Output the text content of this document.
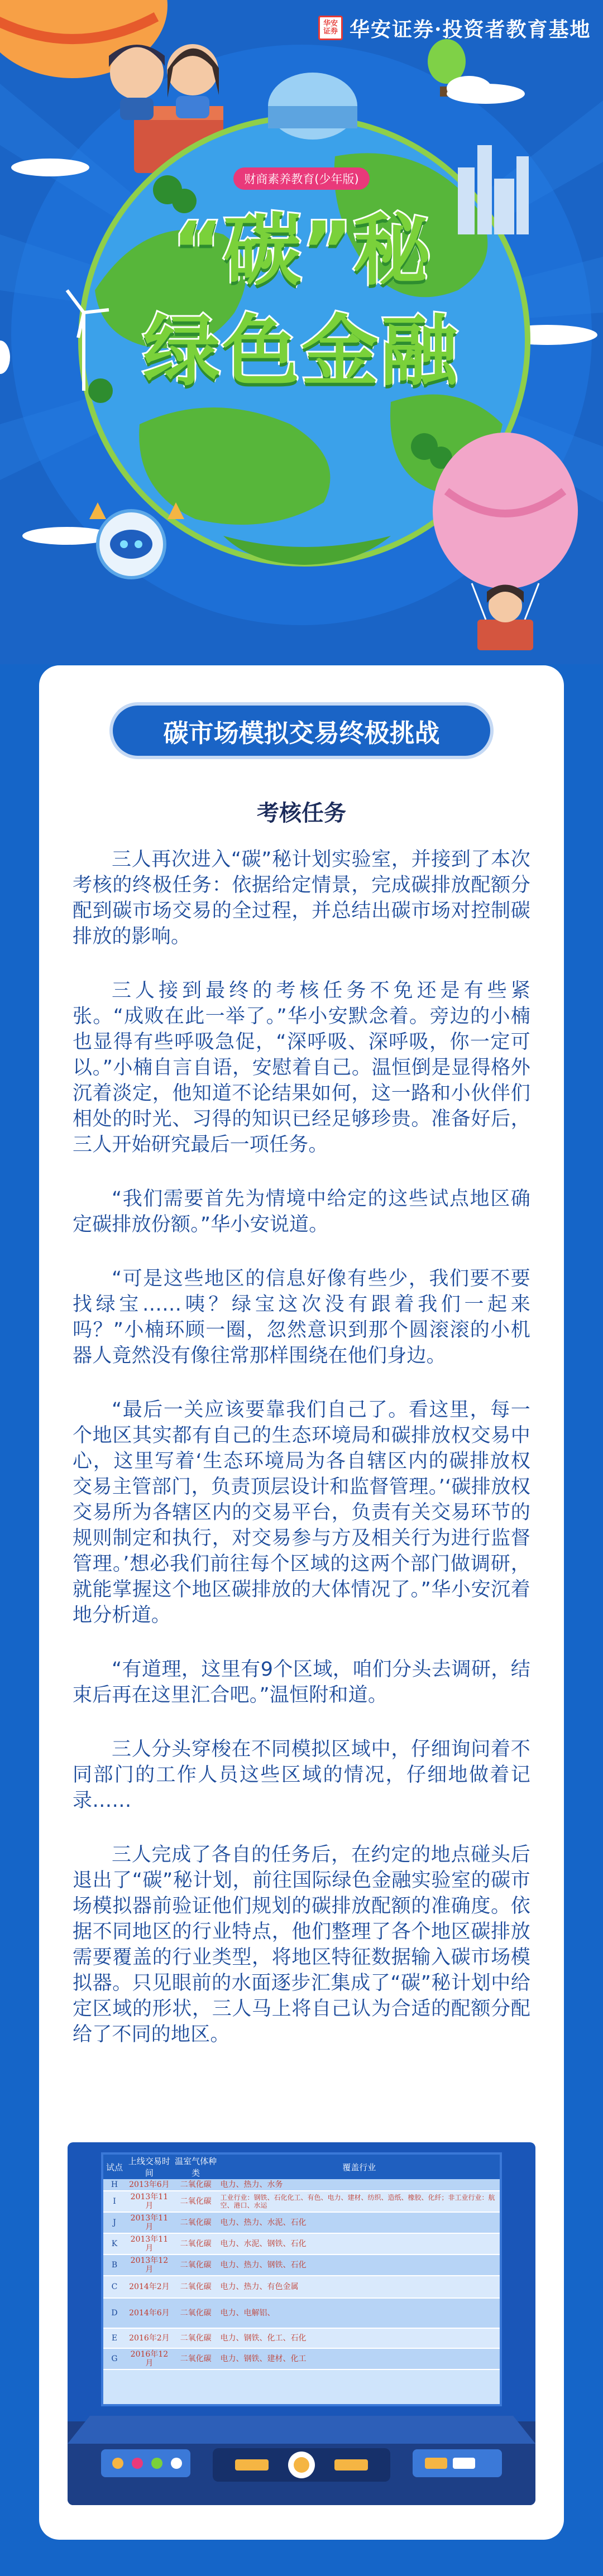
华安
证券 华安证券·投资者教育基地
财商素养教育(少年版)
“碳”秘
绿色金融
碳市场模拟交易终极挑战
考核任务

三人再次进入“碳”秘计划实验室，并接到了本次考核的终极任务：依据给定情景，完成碳排放配额分配到碳市场交易的全过程，并总结出碳市场对控制碳排放的影响。

三人接到最终的考核任务不免还是有些紧张。“成败在此一举了。”华小安默念着。旁边的小楠也显得有些呼吸急促，“深呼吸、深呼吸，你一定可以。”小楠自言自语，安慰着自己。温恒倒是显得格外沉着淡定，他知道不论结果如何，这一路和小伙伴们相处的时光、习得的知识已经足够珍贵。准备好后，三人开始研究最后一项任务。

“我们需要首先为情境中给定的这些试点地区确定碳排放份额。”华小安说道。

“可是这些地区的信息好像有些少，我们要不要找绿宝……咦？绿宝这次没有跟着我们一起来吗？”小楠环顾一圈，忽然意识到那个圆滚滚的小机器人竟然没有像往常那样围绕在他们身边。

“最后一关应该要靠我们自己了。看这里，每一个地区其实都有自己的生态环境局和碳排放权交易中心，这里写着‘生态环境局为各自辖区内的碳排放权交易主管部门，负责顶层设计和监督管理。’‘碳排放权交易所为各辖区内的交易平台，负责有关交易环节的规则制定和执行，对交易参与方及相关行为进行监督管理。’想必我们前往每个区域的这两个部门做调研，就能掌握这个地区碳排放的大体情况了。”华小安沉着地分析道。

“有道理，这里有9个区域，咱们分头去调研，结束后再在这里汇合吧。”温恒附和道。

三人分头穿梭在不同模拟区域中，仔细询问着不同部门的工作人员这些区域的情况，仔细地做着记录……

三人完成了各自的任务后，在约定的地点碰头后退出了“碳”秘计划，前往国际绿色金融实验室的碳市场模拟器前验证他们规划的碳排放配额的准确度。依据不同地区的行业特点，他们整理了各个地区碳排放需要覆盖的行业类型，将地区特征数据输入碳市场模拟器。只见眼前的水面逐步汇集成了“碳”秘计划中给定区域的形状，三人马上将自己认为合适的配额分配给了不同的地区。

试点	上线交易时间	温室气体种类	覆盖行业
H	2013年6月	二氧化碳	电力、热力、水务
I	2013年11月	二氧化碳	工业行业：钢铁、石化化工、有色、电力、建材、纺织、造纸、橡胶、化纤；非工业行业：航空、港口、水运
J	2013年11月	二氧化碳	电力、热力、水泥、石化
K	2013年11月	二氧化碳	电力、水泥、钢铁、石化
B	2013年12月	二氧化碳	电力、热力、钢铁、石化
C	2014年2月	二氧化碳	电力、热力、有色金属
D	2014年6月	二氧化碳	电力、电解铝、
E	2016年2月	二氧化碳	电力、钢铁、化工、石化
G	2016年12月	二氧化碳	电力、钢铁、建材、化工
